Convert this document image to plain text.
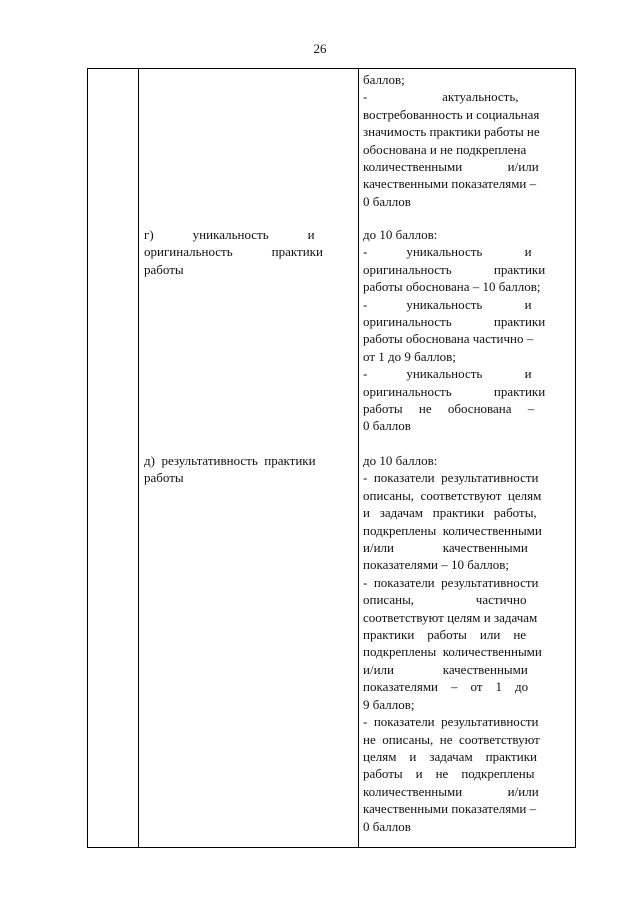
26
баллов;
-                       актуальность,
востребованность и социальная
значимость практики работы не
обоснована и не подкреплена
количественными              и/или
качественными показателями –
0 баллов
г)            уникальность            и
оригинальность            практики
работы
до 10 баллов:
-            уникальность             и
оригинальность             практики
работы обоснована – 10 баллов;
-            уникальность             и
оригинальность             практики
работы обоснована частично –
от 1 до 9 баллов;
-            уникальность             и
оригинальность             практики
работы     не     обоснована     –
0 баллов
д)  результативность  практики
работы
до 10 баллов:
-  показатели  результативности
описаны,  соответствуют  целям
и   задачам   практики   работы,
подкреплены  количественными
и/или               качественными
показателями – 10 баллов;
-  показатели  результативности
описаны,                   частично
соответствуют целям и задачам
практики    работы    или    не
подкреплены  количественными
и/или               качественными
показателями    –    от    1    до
9 баллов;
-  показатели  результативности
не  описаны,  не  соответствуют
целям    и    задачам    практики
работы    и    не    подкреплены
количественными              и/или
качественными показателями –
0 баллов
